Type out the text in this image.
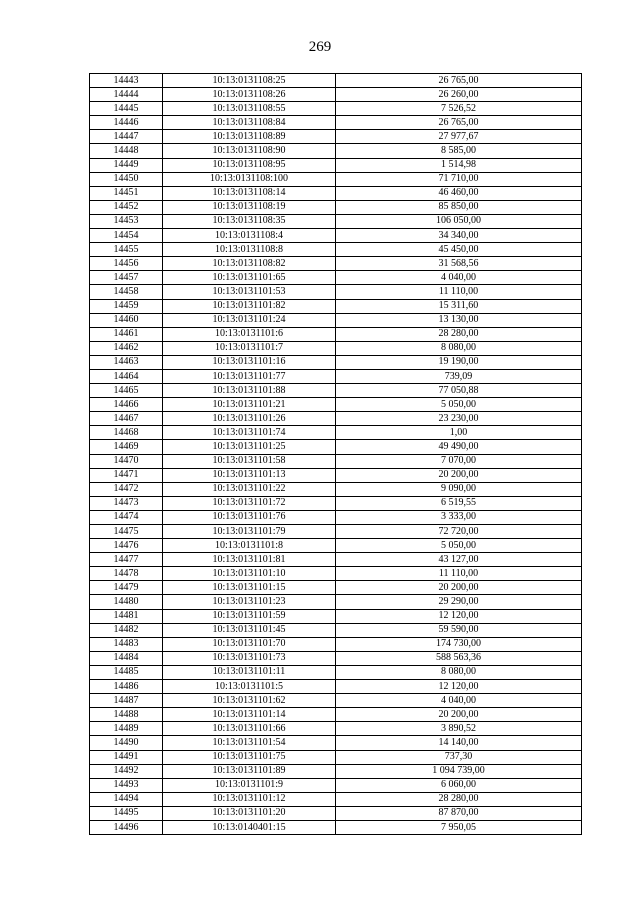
269
14443	10:13:0131108:25	26 765,00
14444	10:13:0131108:26	26 260,00
14445	10:13:0131108:55	7 526,52
14446	10:13:0131108:84	26 765,00
14447	10:13:0131108:89	27 977,67
14448	10:13:0131108:90	8 585,00
14449	10:13:0131108:95	1 514,98
14450	10:13:0131108:100	71 710,00
14451	10:13:0131108:14	46 460,00
14452	10:13:0131108:19	85 850,00
14453	10:13:0131108:35	106 050,00
14454	10:13:0131108:4	34 340,00
14455	10:13:0131108:8	45 450,00
14456	10:13:0131108:82	31 568,56
14457	10:13:0131101:65	4 040,00
14458	10:13:0131101:53	11 110,00
14459	10:13:0131101:82	15 311,60
14460	10:13:0131101:24	13 130,00
14461	10:13:0131101:6	28 280,00
14462	10:13:0131101:7	8 080,00
14463	10:13:0131101:16	19 190,00
14464	10:13:0131101:77	739,09
14465	10:13:0131101:88	77 050,88
14466	10:13:0131101:21	5 050,00
14467	10:13:0131101:26	23 230,00
14468	10:13:0131101:74	1,00
14469	10:13:0131101:25	49 490,00
14470	10:13:0131101:58	7 070,00
14471	10:13:0131101:13	20 200,00
14472	10:13:0131101:22	9 090,00
14473	10:13:0131101:72	6 519,55
14474	10:13:0131101:76	3 333,00
14475	10:13:0131101:79	72 720,00
14476	10:13:0131101:8	5 050,00
14477	10:13:0131101:81	43 127,00
14478	10:13:0131101:10	11 110,00
14479	10:13:0131101:15	20 200,00
14480	10:13:0131101:23	29 290,00
14481	10:13:0131101:59	12 120,00
14482	10:13:0131101:45	59 590,00
14483	10:13:0131101:70	174 730,00
14484	10:13:0131101:73	588 563,36
14485	10:13:0131101:11	8 080,00
14486	10:13:0131101:5	12 120,00
14487	10:13:0131101:62	4 040,00
14488	10:13:0131101:14	20 200,00
14489	10:13:0131101:66	3 890,52
14490	10:13:0131101:54	14 140,00
14491	10:13:0131101:75	737,30
14492	10:13:0131101:89	1 094 739,00
14493	10:13:0131101:9	6 060,00
14494	10:13:0131101:12	28 280,00
14495	10:13:0131101:20	87 870,00
14496	10:13:0140401:15	7 950,05
